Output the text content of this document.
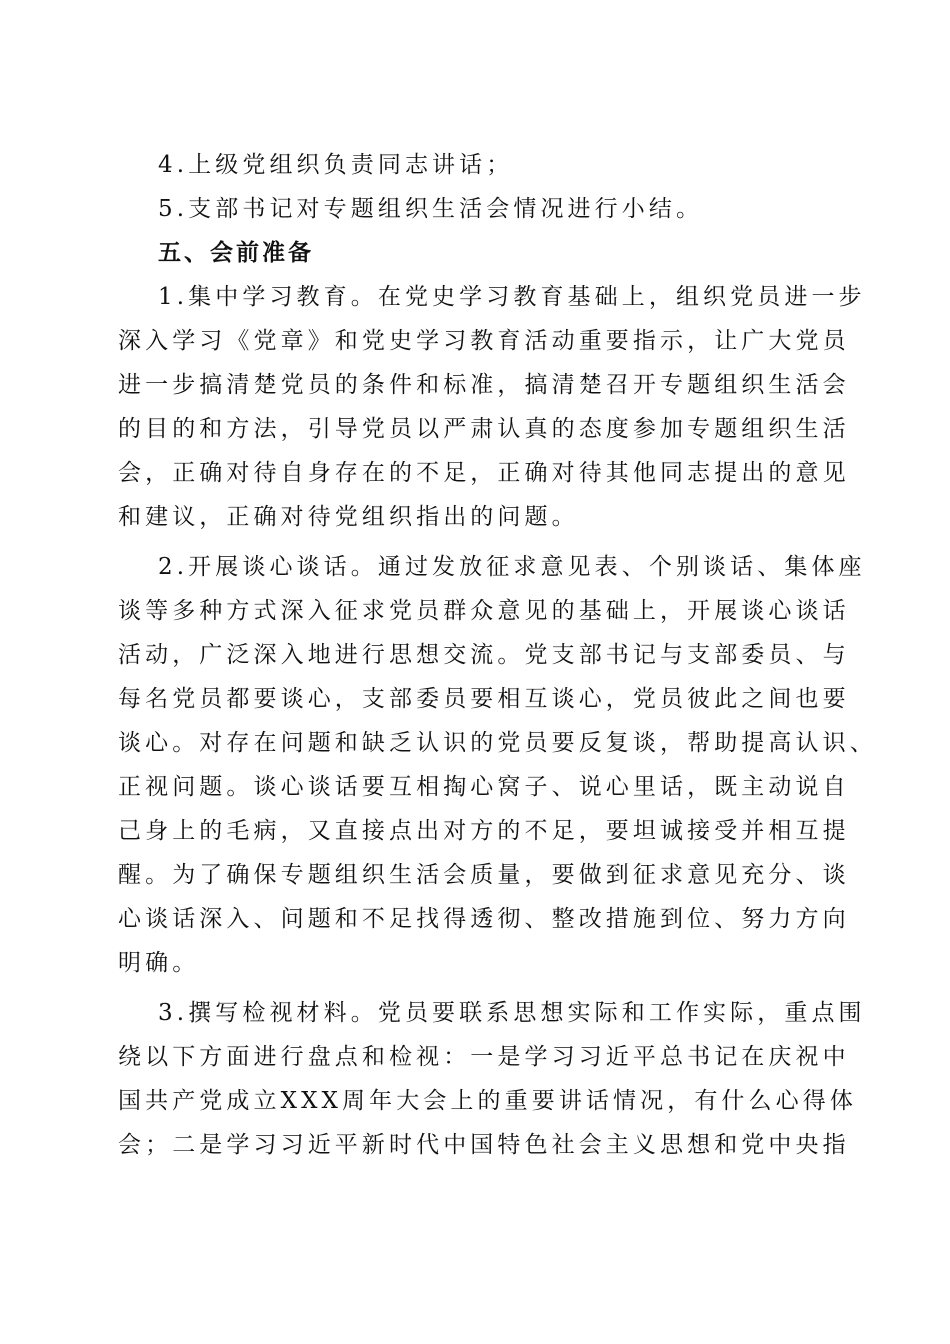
4.上级党组织负责同志讲话；
5.支部书记对专题组织生活会情况进行小结。
五、会前准备
1.集中学习教育。在党史学习教育基础上，组织党员进一步
深入学习《党章》和党史学习教育活动重要指示，让广大党员
进一步搞清楚党员的条件和标准，搞清楚召开专题组织生活会
的目的和方法，引导党员以严肃认真的态度参加专题组织生活
会，正确对待自身存在的不足，正确对待其他同志提出的意见
和建议，正确对待党组织指出的问题。
2.开展谈心谈话。通过发放征求意见表、个别谈话、集体座
谈等多种方式深入征求党员群众意见的基础上，开展谈心谈话
活动，广泛深入地进行思想交流。党支部书记与支部委员、与
每名党员都要谈心，支部委员要相互谈心，党员彼此之间也要
谈心。对存在问题和缺乏认识的党员要反复谈，帮助提高认识、
正视问题。谈心谈话要互相掏心窝子、说心里话，既主动说自
己身上的毛病，又直接点出对方的不足，要坦诚接受并相互提
醒。为了确保专题组织生活会质量，要做到征求意见充分、谈
心谈话深入、问题和不足找得透彻、整改措施到位、努力方向
明确。
3.撰写检视材料。党员要联系思想实际和工作实际，重点围
绕以下方面进行盘点和检视：一是学习习近平总书记在庆祝中
国共产党成立XXX周年大会上的重要讲话情况，有什么心得体
会；二是学习习近平新时代中国特色社会主义思想和党中央指
